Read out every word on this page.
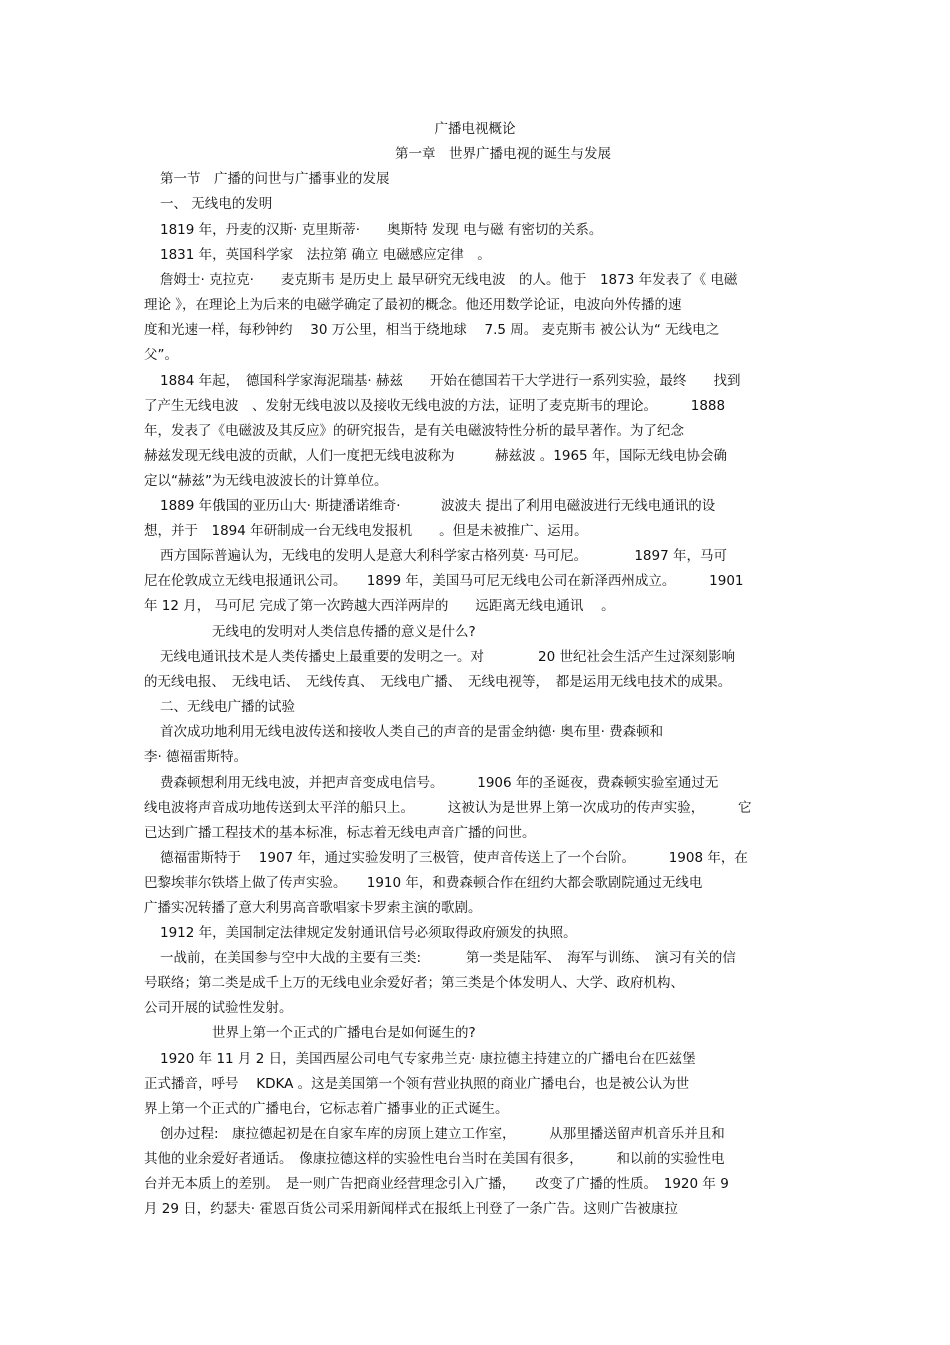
广播电视概论
第一章　世界广播电视的诞生与发展
第一节　广播的问世与广播事业的发展
一、 无线电的发明
1819 年，丹麦的汉斯· 克里斯蒂·　　奥斯特 发现 电与磁 有密切的关系。
1831 年，英国科学家　法拉第 确立 电磁感应定律　。
詹姆士· 克拉克·　　麦克斯韦 是历史上 最早研究无线电波　的人。他于　1873 年发表了《 电磁
理论 》，在理论上为后来的电磁学确定了最初的概念。他还用数学论证，电波向外传播的速
度和光速一样，每秒钟约　 30 万公里，相当于绕地球　 7.5 周。 麦克斯韦 被公认为“ 无线电之
父”。
1884 年起，　德国科学家海泥瑞基· 赫兹　　开始在德国若干大学进行一系列实验，最终　　找到
了产生无线电波　、发射无线电波以及接收无线电波的方法，证明了麦克斯韦的理论。　　　1888
年，发表了《电磁波及其反应》的研究报告，是有关电磁波特性分析的最早著作。为了纪念
赫兹发现无线电波的贡献，人们一度把无线电波称为　　　赫兹波 。1965 年，国际无线电协会确
定以“赫兹”为无线电波波长的计算单位。
1889 年俄国的亚历山大· 斯捷潘诺维奇·　　　波波夫 提出了利用电磁波进行无线电通讯的设
想，并于　1894 年研制成一台无线电发报机　　。但是未被推广、运用。
西方国际普遍认为，无线电的发明人是意大利科学家古格列莫· 马可尼。　　　　1897 年，马可
尼在伦敦成立无线电报通讯公司。　　1899 年，美国马可尼无线电公司在新泽西州成立。　　　1901
年 12 月， 马可尼 完成了第一次跨越大西洋两岸的　　远距离无线电通讯　 。
无线电的发明对人类信息传播的意义是什么?
无线电通讯技术是人类传播史上最重要的发明之一。对　　　　20 世纪社会生活产生过深刻影响
的无线电报、　无线电话、　无线传真、　无线电广播、　无线电视等，　都是运用无线电技术的成果。
二、无线电广播的试验
首次成功地利用无线电波传送和接收人类自己的声音的是雷金纳德· 奥布里· 费森顿和
李· 德福雷斯特。
费森顿想利用无线电波，并把声音变成电信号。　　　1906 年的圣诞夜，费森顿实验室通过无
线电波将声音成功地传送到太平洋的船只上。　　　这被认为是世界上第一次成功的传声实验，　　　它
已达到广播工程技术的基本标准，标志着无线电声音广播的问世。
德福雷斯特于　 1907 年，通过实验发明了三极管，使声音传送上了一个台阶。　　　1908 年，在
巴黎埃菲尔铁塔上做了传声实验。　　1910 年，和费森顿合作在纽约大都会歌剧院通过无线电
广播实况转播了意大利男高音歌唱家卡罗索主演的歌剧。
1912 年，美国制定法律规定发射通讯信号必须取得政府颁发的执照。
一战前，在美国参与空中大战的主要有三类:　　　 第一类是陆军、　海军与训练、　演习有关的信
号联络；第二类是成千上万的无线电业余爱好者；第三类是个体发明人、大学、政府机构、
公司开展的试验性发射。
世界上第一个正式的广播电台是如何诞生的?
1920 年 11 月 2 日，美国西屋公司电气专家弗兰克· 康拉德主持建立的广播电台在匹兹堡
正式播音，呼号　 KDKA 。这是美国第一个领有营业执照的商业广播电台，也是被公认为世
界上第一个正式的广播电台，它标志着广播事业的正式诞生。
创办过程:　康拉德起初是在自家车库的房顶上建立工作室，　　　从那里播送留声机音乐并且和
其他的业余爱好者通话。　像康拉德这样的实验性电台当时在美国有很多，　　　和以前的实验性电
台并无本质上的差别。　是一则广告把商业经营理念引入广播，　　改变了广播的性质。　1920 年 9
月 29 日，约瑟夫· 霍恩百货公司采用新闻样式在报纸上刊登了一条广告。这则广告被康拉
